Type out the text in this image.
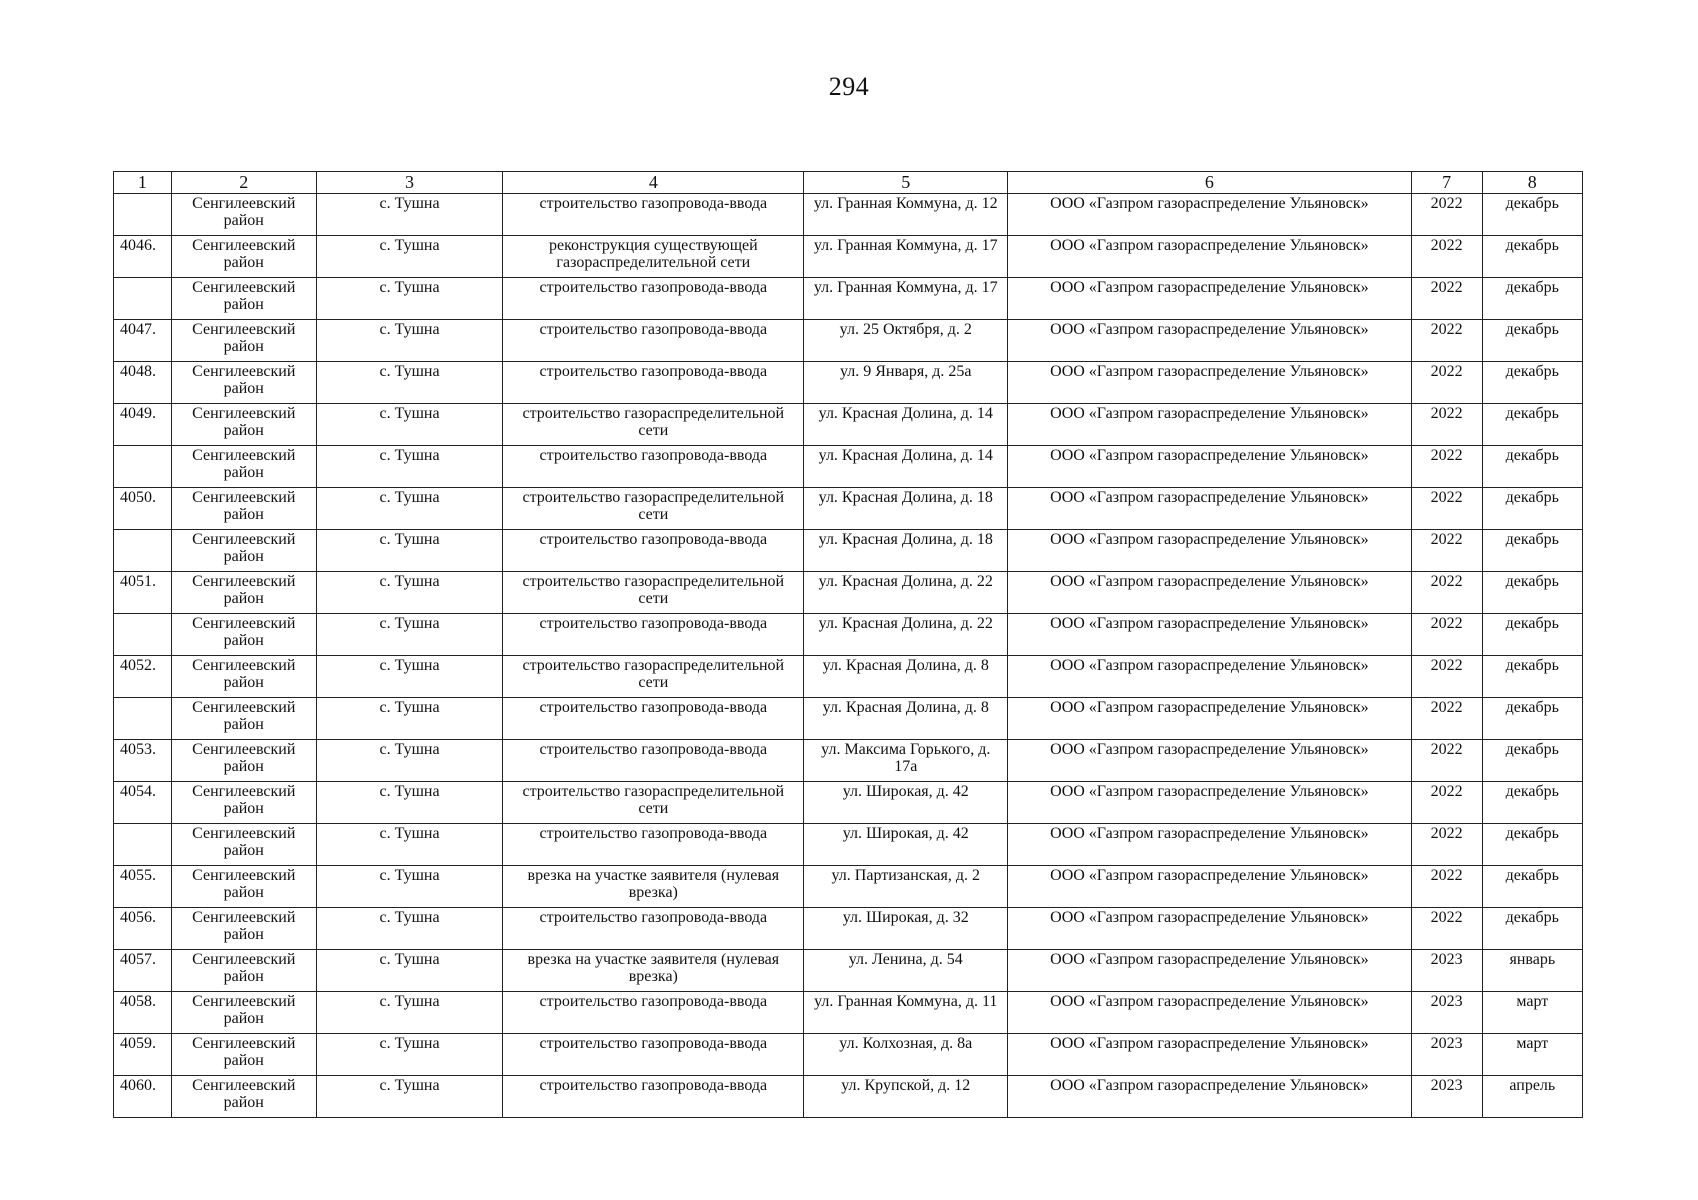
294
1	2	3	4	5	6	7	8
	Сенгилеевский район	с. Тушна	строительство газопровода-ввода	ул. Гранная Коммуна, д. 12	ООО «Газпром газораспределение Ульяновск»	2022	декабрь
4046.	Сенгилеевский район	с. Тушна	реконструкция существующей газораспределительной сети	ул. Гранная Коммуна, д. 17	ООО «Газпром газораспределение Ульяновск»	2022	декабрь
	Сенгилеевский район	с. Тушна	строительство газопровода-ввода	ул. Гранная Коммуна, д. 17	ООО «Газпром газораспределение Ульяновск»	2022	декабрь
4047.	Сенгилеевский район	с. Тушна	строительство газопровода-ввода	ул. 25 Октября, д. 2	ООО «Газпром газораспределение Ульяновск»	2022	декабрь
4048.	Сенгилеевский район	с. Тушна	строительство газопровода-ввода	ул. 9 Января, д. 25а	ООО «Газпром газораспределение Ульяновск»	2022	декабрь
4049.	Сенгилеевский район	с. Тушна	строительство газораспределительной сети	ул. Красная Долина, д. 14	ООО «Газпром газораспределение Ульяновск»	2022	декабрь
	Сенгилеевский район	с. Тушна	строительство газопровода-ввода	ул. Красная Долина, д. 14	ООО «Газпром газораспределение Ульяновск»	2022	декабрь
4050.	Сенгилеевский район	с. Тушна	строительство газораспределительной сети	ул. Красная Долина, д. 18	ООО «Газпром газораспределение Ульяновск»	2022	декабрь
	Сенгилеевский район	с. Тушна	строительство газопровода-ввода	ул. Красная Долина, д. 18	ООО «Газпром газораспределение Ульяновск»	2022	декабрь
4051.	Сенгилеевский район	с. Тушна	строительство газораспределительной сети	ул. Красная Долина, д. 22	ООО «Газпром газораспределение Ульяновск»	2022	декабрь
	Сенгилеевский район	с. Тушна	строительство газопровода-ввода	ул. Красная Долина, д. 22	ООО «Газпром газораспределение Ульяновск»	2022	декабрь
4052.	Сенгилеевский район	с. Тушна	строительство газораспределительной сети	ул. Красная Долина, д. 8	ООО «Газпром газораспределение Ульяновск»	2022	декабрь
	Сенгилеевский район	с. Тушна	строительство газопровода-ввода	ул. Красная Долина, д. 8	ООО «Газпром газораспределение Ульяновск»	2022	декабрь
4053.	Сенгилеевский район	с. Тушна	строительство газопровода-ввода	ул. Максима Горького, д. 17а	ООО «Газпром газораспределение Ульяновск»	2022	декабрь
4054.	Сенгилеевский район	с. Тушна	строительство газораспределительной сети	ул. Широкая, д. 42	ООО «Газпром газораспределение Ульяновск»	2022	декабрь
	Сенгилеевский район	с. Тушна	строительство газопровода-ввода	ул. Широкая, д. 42	ООО «Газпром газораспределение Ульяновск»	2022	декабрь
4055.	Сенгилеевский район	с. Тушна	врезка на участке заявителя (нулевая врезка)	ул. Партизанская, д. 2	ООО «Газпром газораспределение Ульяновск»	2022	декабрь
4056.	Сенгилеевский район	с. Тушна	строительство газопровода-ввода	ул. Широкая, д. 32	ООО «Газпром газораспределение Ульяновск»	2022	декабрь
4057.	Сенгилеевский район	с. Тушна	врезка на участке заявителя (нулевая врезка)	ул. Ленина, д. 54	ООО «Газпром газораспределение Ульяновск»	2023	январь
4058.	Сенгилеевский район	с. Тушна	строительство газопровода-ввода	ул. Гранная Коммуна, д. 11	ООО «Газпром газораспределение Ульяновск»	2023	март
4059.	Сенгилеевский район	с. Тушна	строительство газопровода-ввода	ул. Колхозная, д. 8а	ООО «Газпром газораспределение Ульяновск»	2023	март
4060.	Сенгилеевский район	с. Тушна	строительство газопровода-ввода	ул. Крупской, д. 12	ООО «Газпром газораспределение Ульяновск»	2023	апрель
